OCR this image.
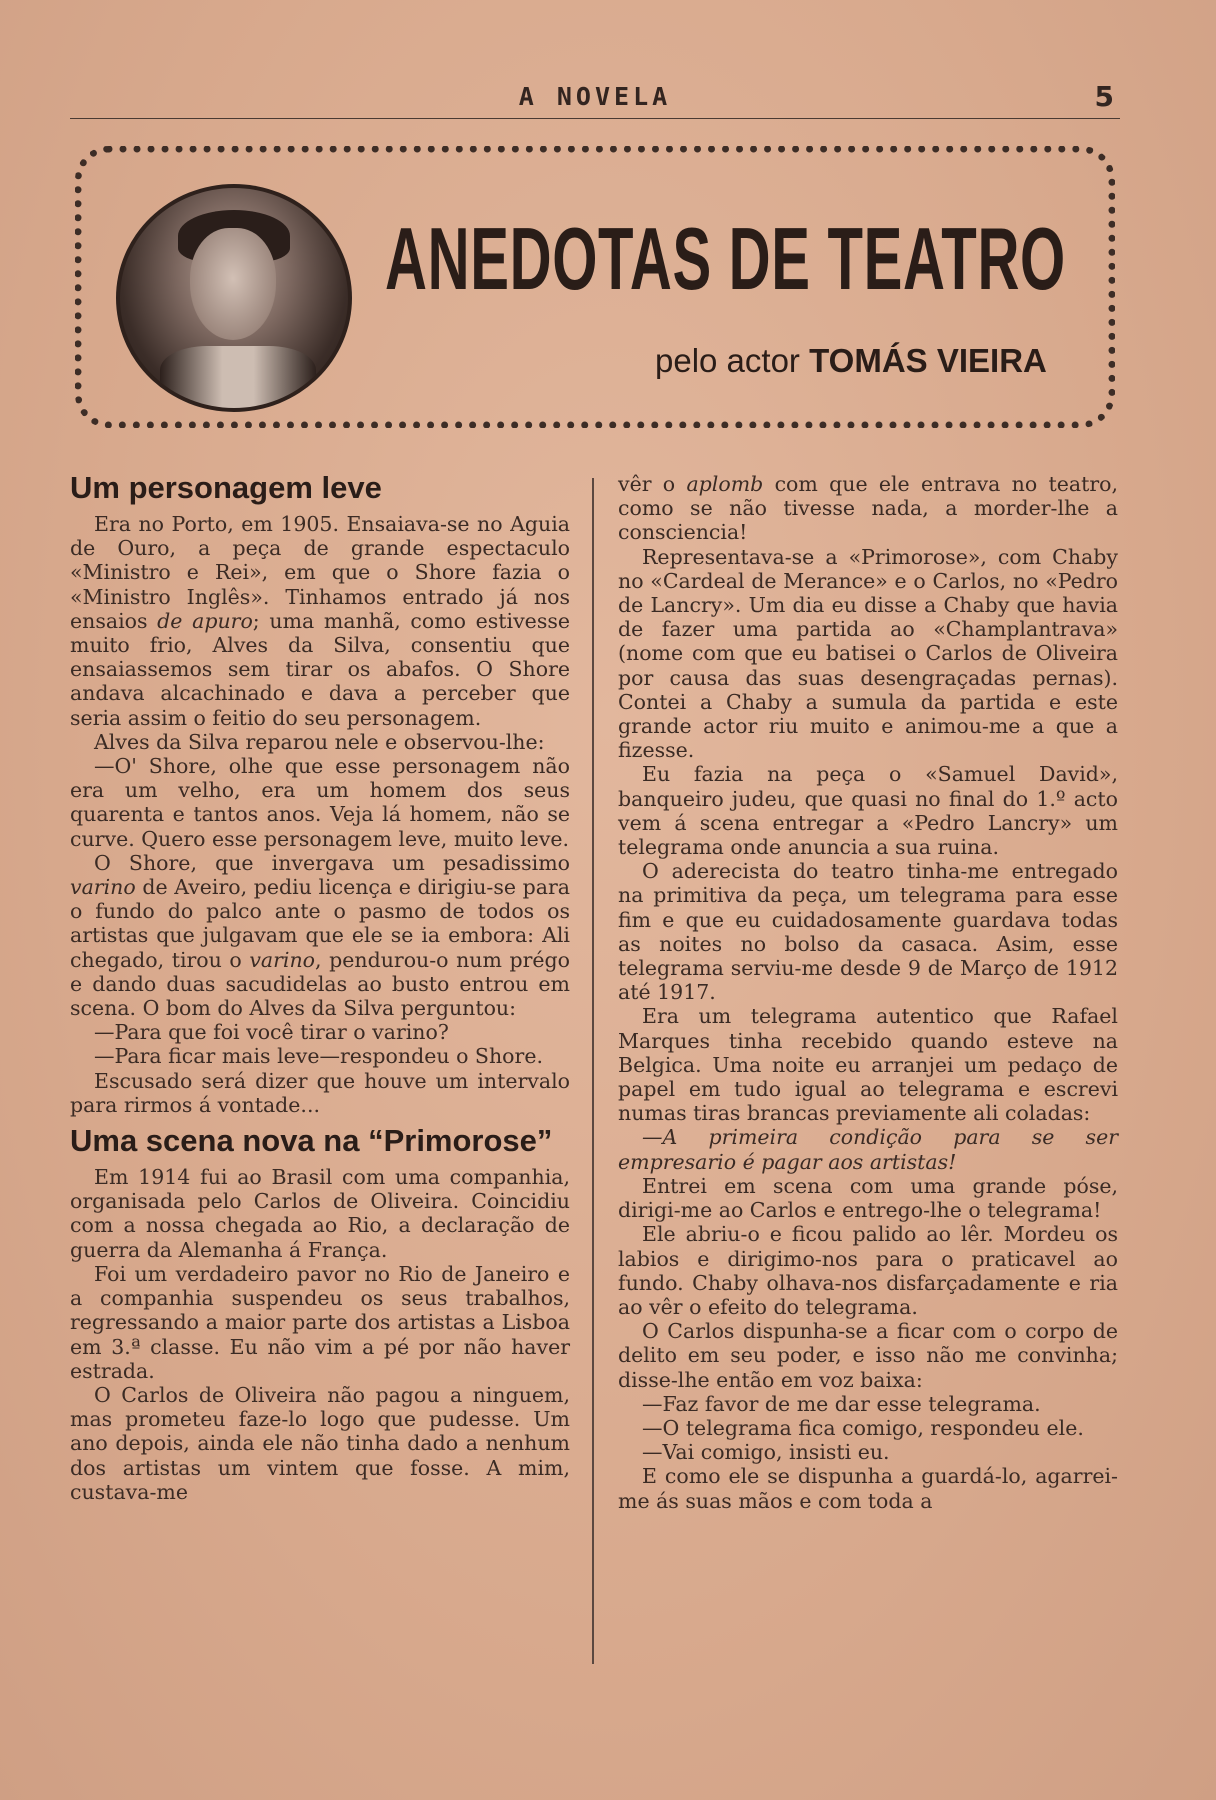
A NOVELA	5
ANEDOTAS DE TEATRO
pelo actor TOMÁS VIEIRA
Um personagem leve

Era no Porto, em 1905. Ensaiava-se no Aguia de Ouro, a peça de grande espectaculo «Ministro e Rei», em que o Shore fazia o «Ministro Inglês». Tinhamos entrado já nos ensaios de apuro; uma manhã, como estivesse muito frio, Alves da Silva, consentiu que ensaiassemos sem tirar os abafos. O Shore andava alcachinado e dava a perceber que seria assim o feitio do seu personagem.

Alves da Silva reparou nele e observou-lhe:

—O' Shore, olhe que esse personagem não era um velho, era um homem dos seus quarenta e tantos anos. Veja lá homem, não se curve. Quero esse personagem leve, muito leve.

O Shore, que invergava um pesadissimo varino de Aveiro, pediu licença e dirigiu-se para o fundo do palco ante o pasmo de todos os artistas que julgavam que ele se ia embora: Ali chegado, tirou o varino, pendurou-o num prégo e dando duas sacudidelas ao busto entrou em scena. O bom do Alves da Silva perguntou:

—Para que foi você tirar o varino?

—Para ficar mais leve—respondeu o Shore.

Escusado será dizer que houve um intervalo para rirmos á vontade...

Uma scena nova na “Primorose”

Em 1914 fui ao Brasil com uma companhia, organisada pelo Carlos de Oliveira. Coincidiu com a nossa chegada ao Rio, a declaração de guerra da Alemanha á França.

Foi um verdadeiro pavor no Rio de Janeiro e a companhia suspendeu os seus trabalhos, regressando a maior parte dos artistas a Lisboa em 3.ª classe. Eu não vim a pé por não haver estrada.

O Carlos de Oliveira não pagou a ninguem, mas prometeu faze-lo logo que pudesse. Um ano depois, ainda ele não tinha dado a nenhum dos artistas um vintem que fosse. A mim, custava-me

vêr o aplomb com que ele entrava no teatro, como se não tivesse nada, a morder-lhe a consciencia!

Representava-se a «Primorose», com Chaby no «Cardeal de Merance» e o Carlos, no «Pedro de Lancry». Um dia eu disse a Chaby que havia de fazer uma partida ao «Champlantrava» (nome com que eu batisei o Carlos de Oliveira por causa das suas desengraçadas pernas). Contei a Chaby a sumula da partida e este grande actor riu muito e animou-me a que a fizesse.

Eu fazia na peça o «Samuel David», banqueiro judeu, que quasi no final do 1.º acto vem á scena entregar a «Pedro Lancry» um telegrama onde anuncia a sua ruina.

O aderecista do teatro tinha-me entregado na primitiva da peça, um telegrama para esse fim e que eu cuidadosamente guardava todas as noites no bolso da casaca. Asim, esse telegrama serviu-me desde 9 de Março de 1912 até 1917.

Era um telegrama autentico que Rafael Marques tinha recebido quando esteve na Belgica. Uma noite eu arranjei um pedaço de papel em tudo igual ao telegrama e escrevi numas tiras brancas previamente ali coladas:

—A primeira condição para se ser empresario é pagar aos artistas!

Entrei em scena com uma grande póse, dirigi-me ao Carlos e entrego-lhe o telegrama!

Ele abriu-o e ficou palido ao lêr. Mordeu os labios e dirigimo-nos para o praticavel ao fundo. Chaby olhava-nos disfarçadamente e ria ao vêr o efeito do telegrama.

O Carlos dispunha-se a ficar com o corpo de delito em seu poder, e isso não me convinha; disse-lhe então em voz baixa:

—Faz favor de me dar esse telegrama.

—O telegrama fica comigo, respondeu ele.

—Vai comigo, insisti eu.

E como ele se dispunha a guardá-lo, agarrei-me ás suas mãos e com toda a
